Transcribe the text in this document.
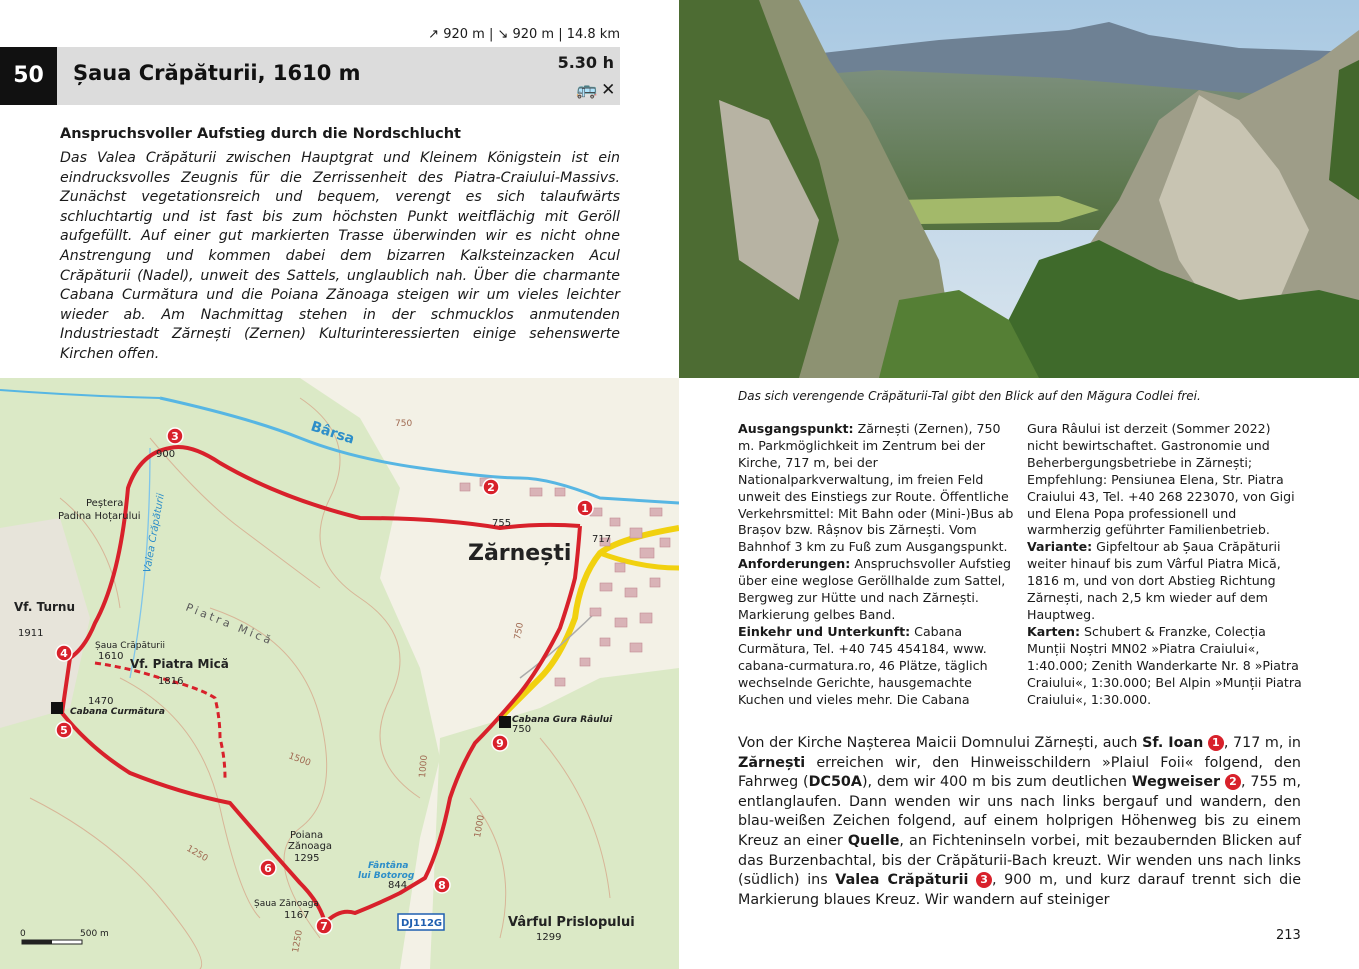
↗ 920 m | ↘ 920 m | 14.8 km
50	Șaua Crăpăturii, 1610 m	5.30 h
🚌 ✕
Anspruchsvoller Aufstieg durch die Nordschlucht

Das Valea Crăpăturii zwischen Hauptgrat und Kleinem Königstein ist ein eindrucksvolles Zeugnis für die Zerrissenheit des Piatra-Craiului-Massivs. Zunächst vegetationsreich und bequem, verengt es sich talaufwärts schluchtartig und ist fast bis zum höchsten Punkt weitflächig mit Geröll aufgefüllt. Auf einer gut markierten Trasse überwinden wir es nicht ohne Anstrengung und kommen dabei dem bizarren Kalksteinzacken Acul Crăpăturii (Nadel), unweit des Sattels, unglaublich nah. Über die charmante Cabana Curmătura und die Poiana Zănoaga steigen wir um vieles leichter wieder ab. Am Nachmittag stehen in der schmucklos anmutenden Industriestadt Zărnești (Zernen) Kulturinteressierten einige sehenswerte Kirchen offen.

Das sich verengende Crăpăturii-Tal gibt den Blick auf den Măgura Codlei frei.
Ausgangspunkt: Zărnești (Zernen), 750 m. Parkmöglichkeit im Zentrum bei der Kirche, 717 m, bei der Nationalparkverwaltung, im freien Feld unweit des Einstiegs zur Route. Öffentliche Verkehrsmittel: Mit Bahn oder (Mini-)Bus ab Brașov bzw. Râșnov bis Zărnești. Vom Bahnhof 3 km zu Fuß zum Ausgangspunkt.
Anforderungen: Anspruchsvoller Aufstieg über eine weglose Geröllhalde zum Sattel, Bergweg zur Hütte und nach Zărnești. Markierung gelbes Band.
Einkehr und Unterkunft: Cabana Curmătura, Tel. +40 745 454184, www. cabana-curmatura.ro, 46 Plätze, täglich wechselnde Gerichte, hausgemachte Kuchen und vieles mehr. Die Cabana
Gura Râului ist derzeit (Sommer 2022) nicht bewirtschaftet. Gastronomie und Beherbergungsbetriebe in Zărnești; Empfehlung: Pensiunea Elena, Str. Piatra Craiului 43, Tel. +40 268 223070, von Gigi und Elena Popa professionell und warmherzig geführter Familienbetrieb.
Variante: Gipfeltour ab Șaua Crăpăturii weiter hinauf bis zum Vârful Piatra Mică, 1816 m, und von dort Abstieg Richtung Zărnești, nach 2,5 km wieder auf dem Hauptweg.
Karten: Schubert & Franzke, Colecția Munții Noștri MN02 »Piatra Craiului«, 1:40.000; Zenith Wanderkarte Nr. 8 »Piatra Craiului«, 1:30.000; Bel Alpin »Munții Piatra Craiului«, 1:30.000.
Von der Kirche Nașterea Maicii Domnului Zărnești, auch Sf. Ioan 1 , 717 m, in Zărnești erreichen wir, den Hinweisschildern »Plaiul Foii« folgend, den Fahrweg (DC50A), dem wir 400 m bis zum deutlichen Wegweiser 2 , 755 m, entlanglaufen. Dann wenden wir uns nach links bergauf und wandern, den blau-weißen Zeichen folgend, auf einem holprigen Höhenweg bis zu einem Kreuz an einer Quelle, an Fichteninseln vorbei, mit bezaubernden Blicken auf das Burzenbachtal, bis der Crăpăturii-Bach kreuzt. Wir wenden uns nach links (südlich) ins Valea Crăpăturii 3 , 900 m, und kurz darauf trennt sich die Markierung blaues Kreuz. Wir wandern auf steiniger
213
1
2
3
4
5
6
7
8
9
Bârsa
Zărnești
750
755
717
900
Peștera
Padina Hoțarului Valea Crăpăturii
Vf. Turnu
1911	Piatra Mică
Șaua Crăpăturii
1610
Vf. Piatra Mică
1816
1470
Cabana Curmătura
Cabana Gura Râului
750
750
1000
1000
1500
1250
1250
Poiana
Zănoaga
1295
Fântâna
lui Botorog
844
Șaua Zănoaga
1167
DJ112G	Vârful Prislopului
1299
0	500 m
